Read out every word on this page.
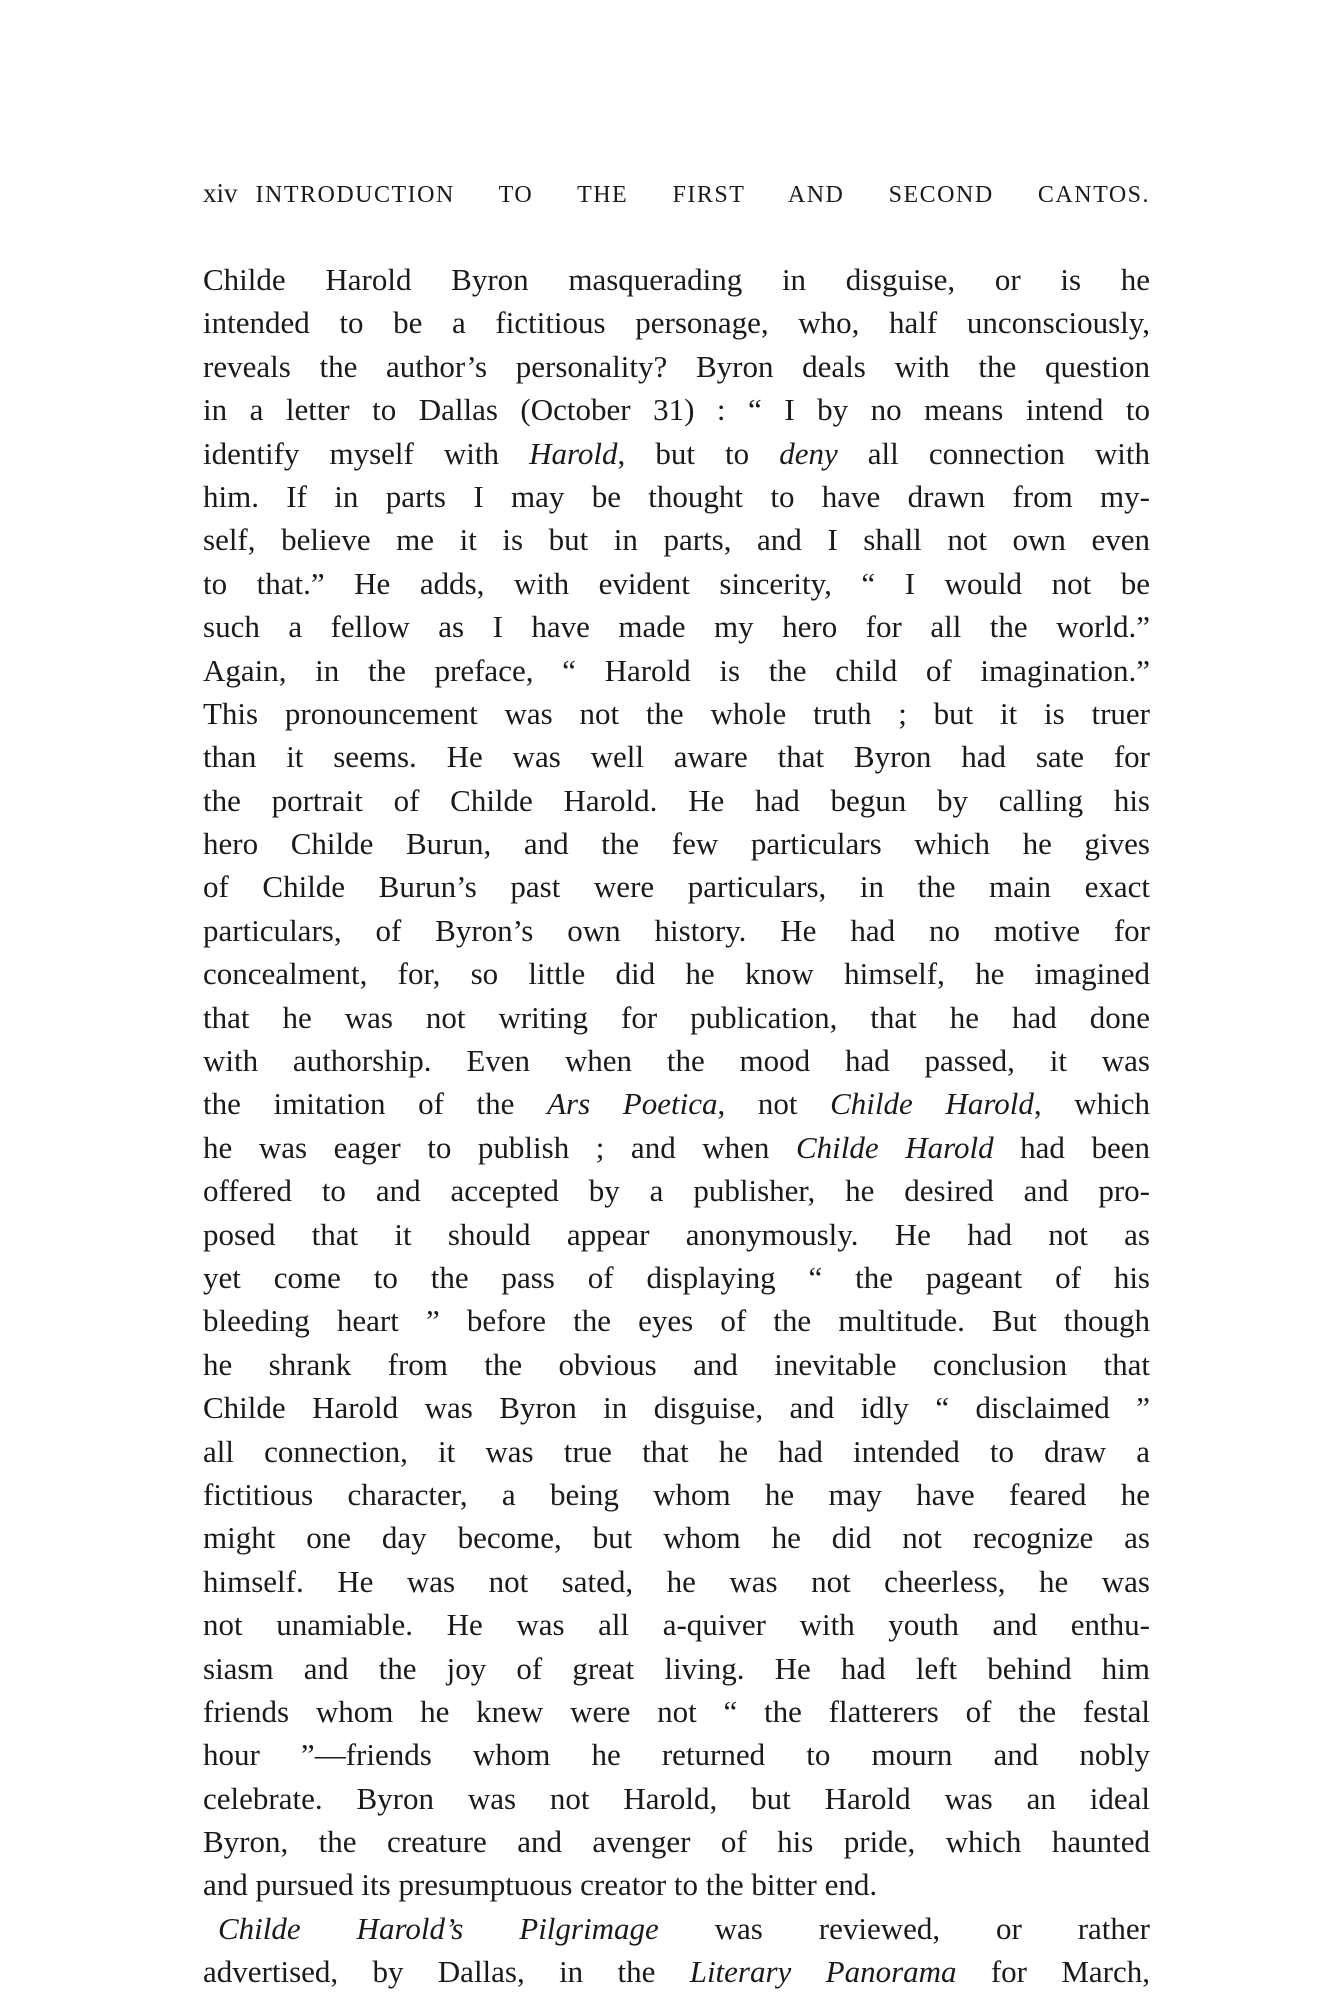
xiv INTRODUCTION TO THE FIRST AND SECOND CANTOS.
Childe Harold Byron masquerading in disguise, or is he
intended to be a fictitious personage, who, half unconsciously,
reveals the author’s personality? Byron deals with the question
in a letter to Dallas (October 31) : “ I by no means intend to
identify myself with Harold, but to deny all connection with
him. If in parts I may be thought to have drawn from my-
self, believe me it is but in parts, and I shall not own even
to that.” He adds, with evident sincerity, “ I would not be
such a fellow as I have made my hero for all the world.”
Again, in the preface, “ Harold is the child of imagination.”
This pronouncement was not the whole truth ; but it is truer
than it seems. He was well aware that Byron had sate for
the portrait of Childe Harold. He had begun by calling his
hero Childe Burun, and the few particulars which he gives
of Childe Burun’s past were particulars, in the main exact
particulars, of Byron’s own history. He had no motive for
concealment, for, so little did he know himself, he imagined
that he was not writing for publication, that he had done
with authorship. Even when the mood had passed, it was
the imitation of the Ars Poetica, not Childe Harold, which
he was eager to publish ; and when Childe Harold had been
offered to and accepted by a publisher, he desired and pro-
posed that it should appear anonymously. He had not as
yet come to the pass of displaying “ the pageant of his
bleeding heart ” before the eyes of the multitude. But though
he shrank from the obvious and inevitable conclusion that
Childe Harold was Byron in disguise, and idly “ disclaimed ”
all connection, it was true that he had intended to draw a
fictitious character, a being whom he may have feared he
might one day become, but whom he did not recognize as
himself. He was not sated, he was not cheerless, he was
not unamiable. He was all a-quiver with youth and enthu-
siasm and the joy of great living. He had left behind him
friends whom he knew were not “ the flatterers of the festal
hour ”—friends whom he returned to mourn and nobly
celebrate. Byron was not Harold, but Harold was an ideal
Byron, the creature and avenger of his pride, which haunted
and pursued its presumptuous creator to the bitter end.
Childe Harold’s Pilgrimage was reviewed, or rather
advertised, by Dallas, in the Literary Panorama for March,
